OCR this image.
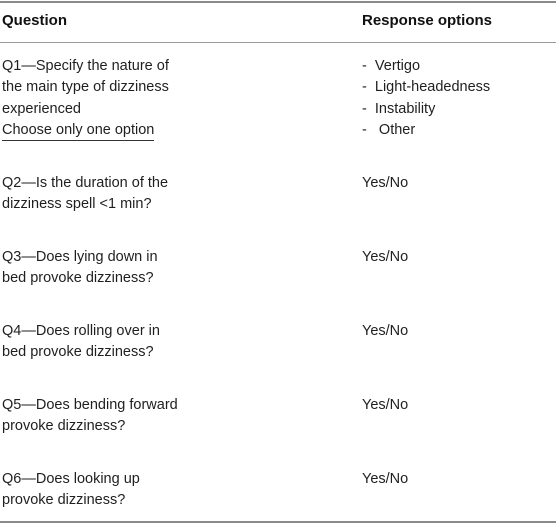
Question	Response options
Q1—Specify the nature of
the main type of dizziness
experienced
Choose only one option
-  Vertigo
-  Light-headedness
-  Instability
-   Other
Q2—Is the duration of the
dizziness spell <1 min?
Yes/No
Q3—Does lying down in
bed provoke dizziness?
Yes/No
Q4—Does rolling over in
bed provoke dizziness?
Yes/No
Q5—Does bending forward
provoke dizziness?
Yes/No
Q6—Does looking up
provoke dizziness?
Yes/No
